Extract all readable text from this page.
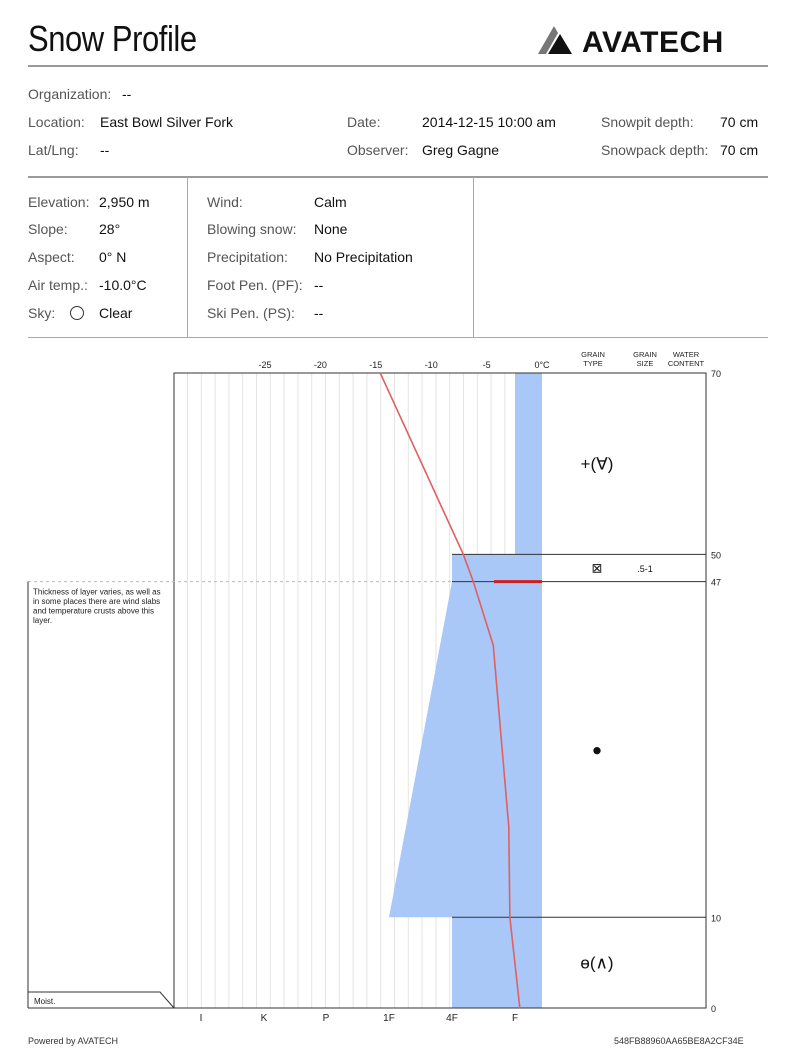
Snow Profile	AVATECH
Organization: --
Location: East Bowl Silver Fork
Lat/Lng: --
Date:	2014-12-15 10:00 am
Observer: Greg Gagne
Snowpit depth: 70 cm
Snowpack depth: 70 cm
Elevation: 2,950 m
Slope: 28°
Aspect: 0° N
Air temp.: -10.0°C
Sky:	Clear
Wind:	Calm
Blowing snow: None
Precipitation: No Precipitation
Foot Pen. (PF): --
Ski Pen. (PS): --
70
50
47
10
0
-25	-20	-15	-10	-5	0°C
I	K	P	1F	4F	F
GRAIN
TYPE
GRAIN
SIZE
WATER
CONTENT
+(∀)
⊠	.5-1
●
ɵ(∧)
Thickness of layer varies, as well as
in some places there are wind slabs
and temperature crusts above this
layer.
Moist.
Powered by AVATECH	548FB88960AA65BE8A2CF34E
